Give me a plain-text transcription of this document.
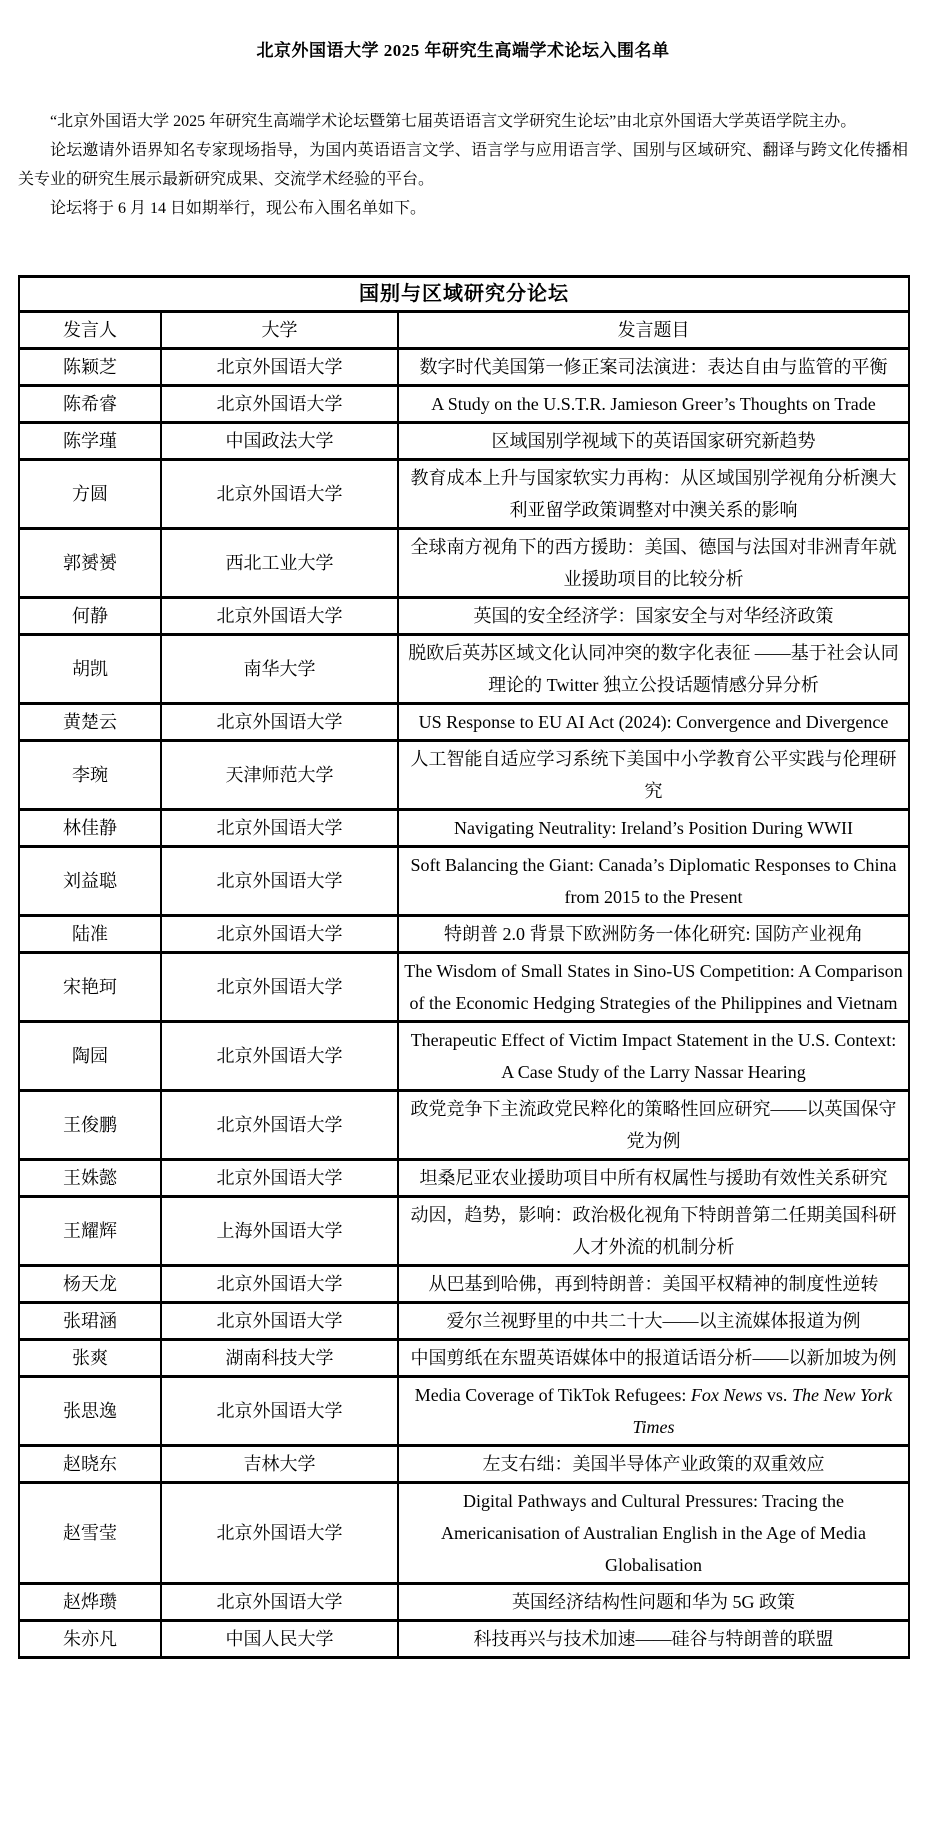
北京外国语大学 2025 年研究生高端学术论坛入围名单

“北京外国语大学 2025 年研究生高端学术论坛暨第七届英语语言文学研究生论坛”由北京外国语大学英语学院主办。

论坛邀请外语界知名专家现场指导，为国内英语语言文学、语言学与应用语言学、国别与区域研究、翻译与跨文化传播相关专业的研究生展示最新研究成果、交流学术经验的平台。

论坛将于 6 月 14 日如期举行，现公布入围名单如下。

国别与区域研究分论坛		
发言人	大学	发言题目
陈颖芝	北京外国语大学	数字时代美国第一修正案司法演进：表达自由与监管的平衡
陈希睿	北京外国语大学	A Study on the U.S.T.R. Jamieson Greer’s Thoughts on Trade
陈学瑾	中国政法大学	区域国别学视域下的英语国家研究新趋势
方圆	北京外国语大学	教育成本上升与国家软实力再构：从区域国别学视角分析澳大利亚留学政策调整对中澳关系的影响
郭赟赟	西北工业大学	全球南方视角下的西方援助：美国、德国与法国对非洲青年就业援助项目的比较分析
何静	北京外国语大学	英国的安全经济学：国家安全与对华经济政策
胡凯	南华大学	脱欧后英苏区域文化认同冲突的数字化表征 ——基于社会认同理论的 Twitter 独立公投话题情感分异分析
黄楚云	北京外国语大学	US Response to EU AI Act (2024): Convergence and Divergence
李琬	天津师范大学	人工智能自适应学习系统下美国中小学教育公平实践与伦理研究
林佳静	北京外国语大学	Navigating Neutrality: Ireland’s Position During WWII
刘益聪	北京外国语大学	Soft Balancing the Giant: Canada’s Diplomatic Responses to China from 2015 to the Present
陆准	北京外国语大学	特朗普 2.0 背景下欧洲防务一体化研究: 国防产业视角
宋艳珂	北京外国语大学	The Wisdom of Small States in Sino-US Competition: A Comparison of the Economic Hedging Strategies of the Philippines and Vietnam
陶园	北京外国语大学	Therapeutic Effect of Victim Impact Statement in the U.S. Context: A Case Study of the Larry Nassar Hearing
王俊鹏	北京外国语大学	政党竞争下主流政党民粹化的策略性回应研究——以英国保守党为例
王姝懿	北京外国语大学	坦桑尼亚农业援助项目中所有权属性与援助有效性关系研究
王耀辉	上海外国语大学	动因，趋势，影响：政治极化视角下特朗普第二任期美国科研人才外流的机制分析
杨天龙	北京外国语大学	从巴基到哈佛，再到特朗普：美国平权精神的制度性逆转
张珺涵	北京外国语大学	爱尔兰视野里的中共二十大——以主流媒体报道为例
张爽	湖南科技大学	中国剪纸在东盟英语媒体中的报道话语分析——以新加坡为例
张思逸	北京外国语大学	Media Coverage of TikTok Refugees: Fox News vs. The New York Times
赵晓东	吉林大学	左支右绌：美国半导体产业政策的双重效应
赵雪莹	北京外国语大学	Digital Pathways and Cultural Pressures: Tracing the Americanisation of Australian English in the Age of Media Globalisation
赵烨瓒	北京外国语大学	英国经济结构性问题和华为 5G 政策
朱亦凡	中国人民大学	科技再兴与技术加速——硅谷与特朗普的联盟
